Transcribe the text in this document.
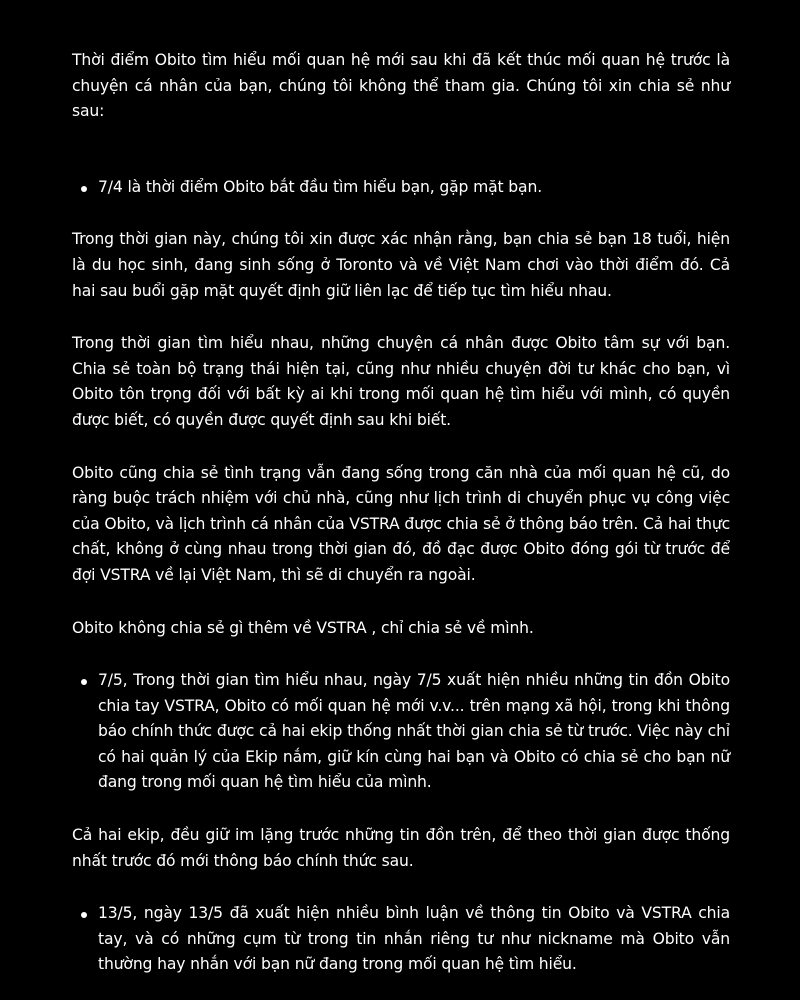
Thời điểm Obito tìm hiểu mối quan hệ mới sau khi đã kết thúc mối quan hệ trước là chuyện cá nhân của bạn, chúng tôi không thể tham gia. Chúng tôi xin chia sẻ như sau:

7/4 là thời điểm Obito bắt đầu tìm hiểu bạn, gặp mặt bạn.

Trong thời gian này, chúng tôi xin được xác nhận rằng, bạn chia sẻ bạn 18 tuổi, hiện là du học sinh, đang sinh sống ở Toronto và về Việt Nam chơi vào thời điểm đó. Cả hai sau buổi gặp mặt quyết định giữ liên lạc để tiếp tục tìm hiểu nhau.

Trong thời gian tìm hiểu nhau, những chuyện cá nhân được Obito tâm sự với bạn. Chia sẻ toàn bộ trạng thái hiện tại, cũng như nhiều chuyện đời tư khác cho bạn, vì Obito tôn trọng đối với bất kỳ ai khi trong mối quan hệ tìm hiểu với mình, có quyền được biết, có quyền được quyết định sau khi biết.

Obito cũng chia sẻ tình trạng vẫn đang sống trong căn nhà của mối quan hệ cũ, do ràng buộc trách nhiệm với chủ nhà, cũng như lịch trình di chuyển phục vụ công việc của Obito, và lịch trình cá nhân của VSTRA được chia sẻ ở thông báo trên. Cả hai thực chất, không ở cùng nhau trong thời gian đó, đồ đạc được Obito đóng gói từ trước để đợi VSTRA về lại Việt Nam, thì sẽ di chuyển ra ngoài.

Obito không chia sẻ gì thêm về VSTRA , chỉ chia sẻ về mình.

7/5, Trong thời gian tìm hiểu nhau, ngày 7/5 xuất hiện nhiều những tin đồn Obito chia tay VSTRA, Obito có mối quan hệ mới v.v... trên mạng xã hội, trong khi thông báo chính thức được cả hai ekip thống nhất thời gian chia sẻ từ trước. Việc này chỉ có hai quản lý của Ekip nắm, giữ kín cùng hai bạn và Obito có chia sẻ cho bạn nữ đang trong mối quan hệ tìm hiểu của mình.

Cả hai ekip, đều giữ im lặng trước những tin đồn trên, để theo thời gian được thống nhất trước đó mới thông báo chính thức sau.

13/5, ngày 13/5 đã xuất hiện nhiều bình luận về thông tin Obito và VSTRA chia tay, và có những cụm từ trong tin nhắn riêng tư như nickname mà Obito vẫn thường hay nhắn với bạn nữ đang trong mối quan hệ tìm hiểu.
